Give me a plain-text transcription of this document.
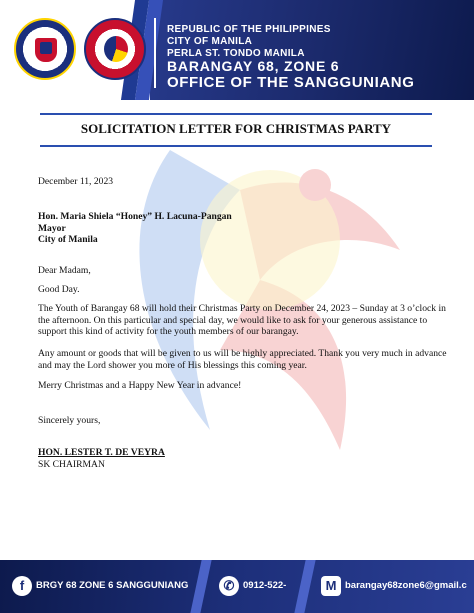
REPUBLIC OF THE PHILIPPINES
CITY OF MANILA
PERLA ST. TONDO MANILA
BARANGAY 68, ZONE 6
OFFICE OF THE SANGGUNIANG
SOLICITATION LETTER FOR CHRISTMAS PARTY
December 11, 2023
Hon. Maria Shiela “Honey” H. Lacuna-Pangan
Mayor
City of Manila
Dear Madam,
Good Day.
The Youth of Barangay 68 will hold their Christmas Party on December 24, 2023 – Sunday at 3 o’clock in the afternoon. On this particular and special day, we would like to ask for your generous assistance to support this kind of activity for the youth members of our barangay.
Any amount or goods that will be given to us will be highly appreciated. Thank you very much in advance and may the Lord shower you more of His blessings this coming year.
Merry Christmas and a Happy New Year in advance!
Sincerely yours,
HON. LESTER T. DE VEYRA
SK CHAIRMAN
f	BRGY 68 ZONE 6 SANGGUNIANG	✆ 0912-522-	M barangay68zone6@gmail.c
